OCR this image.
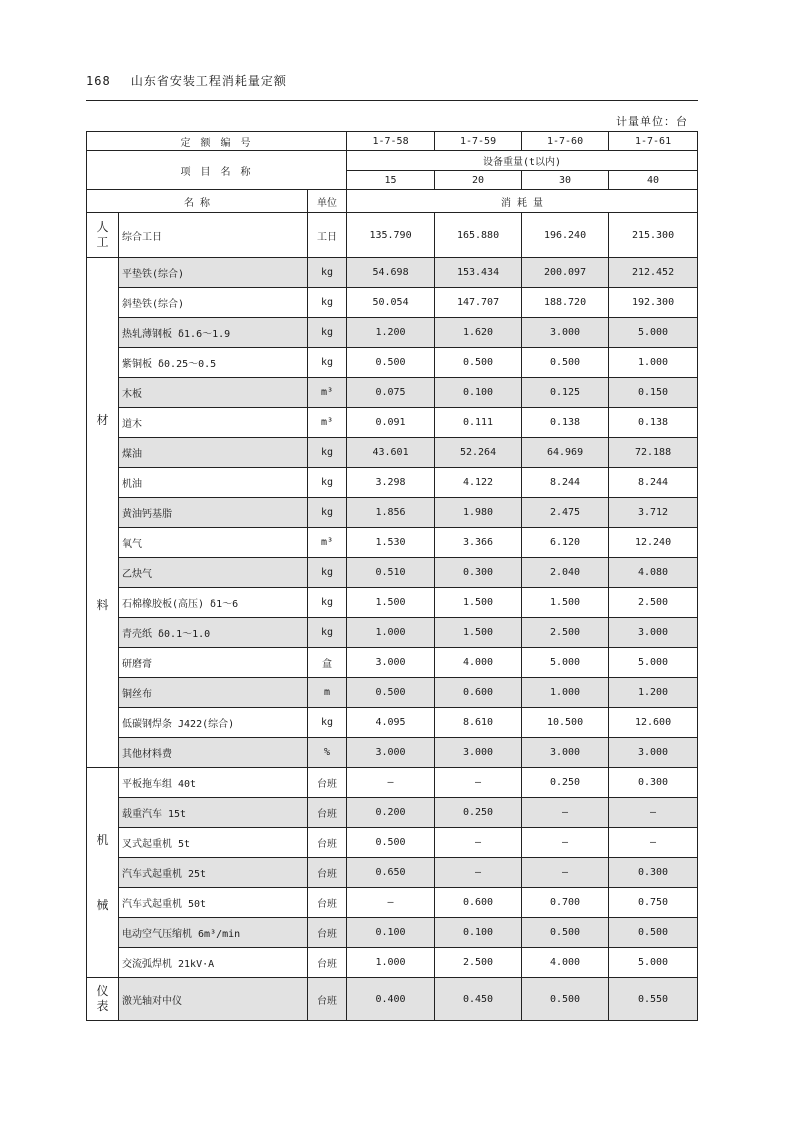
168 山东省安装工程消耗量定额
计量单位：台
定 额 编 号			1-7-58	1-7-59	1-7-60	1-7-61
项 目 名 称			设备重量(t以内)			
			15	20	30	40
名 称		单位	消 耗 量			

人工	综合工日	工日	135.790	165.880	196.240	215.300

材
料	平垫铁(综合)	kg	54.698	153.434	200.097	212.452
	斜垫铁(综合)	kg	50.054	147.707	188.720	192.300
	热轧薄钢板 δ1.6～1.9	kg	1.200	1.620	3.000	5.000
	紫铜板 δ0.25～0.5	kg	0.500	0.500	0.500	1.000
	木板	m³	0.075	0.100	0.125	0.150
	道木	m³	0.091	0.111	0.138	0.138
	煤油	kg	43.601	52.264	64.969	72.188
	机油	kg	3.298	4.122	8.244	8.244
	黄油钙基脂	kg	1.856	1.980	2.475	3.712
	氧气	m³	1.530	3.366	6.120	12.240
	乙炔气	kg	0.510	0.300	2.040	4.080
	石棉橡胶板(高压) δ1～6	kg	1.500	1.500	1.500	2.500
	青壳纸 δ0.1～1.0	kg	1.000	1.500	2.500	3.000
	研磨膏	盒	3.000	4.000	5.000	5.000
	铜丝布	m	0.500	0.600	1.000	1.200
	低碳钢焊条 J422(综合)	kg	4.095	8.610	10.500	12.600
	其他材料费	%	3.000	3.000	3.000	3.000

机
械	平板拖车组 40t	台班	—	—	0.250	0.300
	载重汽车 15t	台班	0.200	0.250	—	—
	叉式起重机 5t	台班	0.500	—	—	—
	汽车式起重机 25t	台班	0.650	—	—	0.300
	汽车式起重机 50t	台班	—	0.600	0.700	0.750
	电动空气压缩机 6m³/min	台班	0.100	0.100	0.500	0.500
	交流弧焊机 21kV·A	台班	1.000	2.500	4.000	5.000

仪表	激光轴对中仪	台班	0.400	0.450	0.500	0.550
